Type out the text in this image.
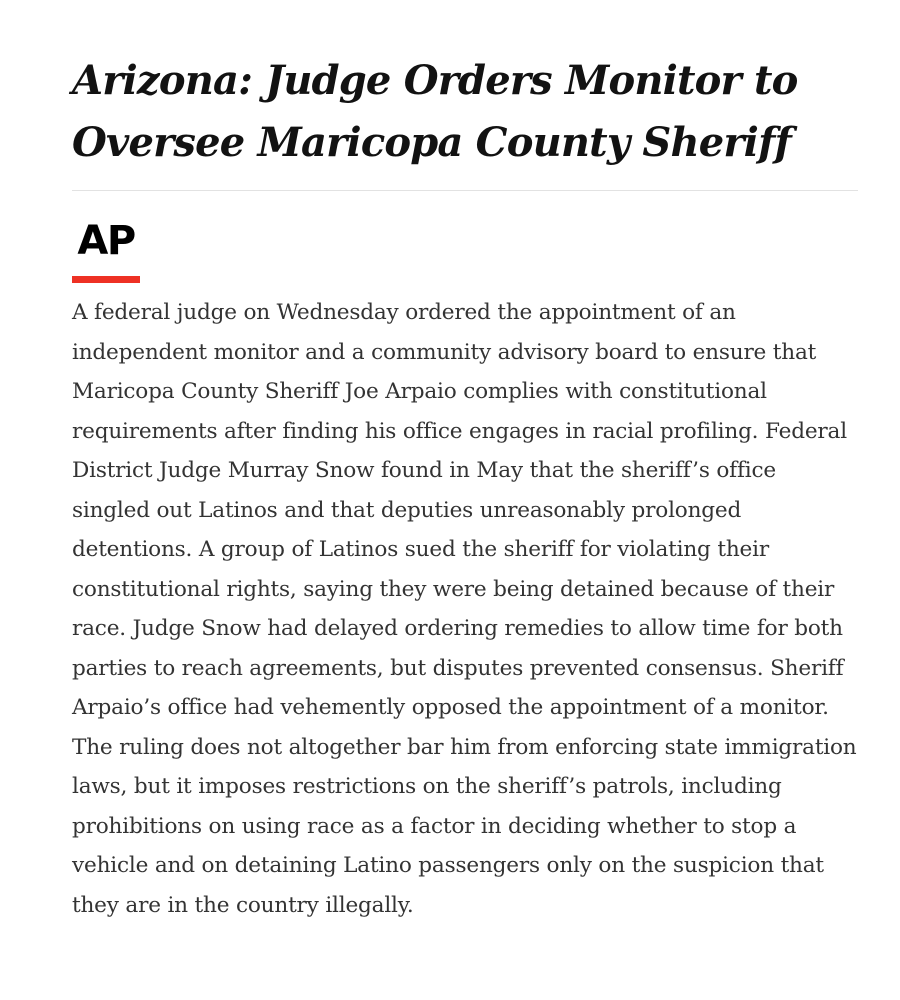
Arizona: Judge Orders Monitor to Oversee Maricopa County Sheriff
AP

A federal judge on Wednesday ordered the appointment of an independent monitor and a community advisory board to ensure that Maricopa County Sheriff Joe Arpaio complies with constitutional requirements after finding his office engages in racial profiling. Federal District Judge Murray Snow found in May that the sheriff’s office singled out Latinos and that deputies unreasonably prolonged detentions. A group of Latinos sued the sheriff for violating their constitutional rights, saying they were being detained because of their race. Judge Snow had delayed ordering remedies to allow time for both parties to reach agreements, but disputes prevented consensus. Sheriff Arpaio’s office had vehemently opposed the appointment of a monitor. The ruling does not altogether bar him from enforcing state immigration laws, but it imposes restrictions on the sheriff’s patrols, including prohibitions on using race as a factor in deciding whether to stop a vehicle and on detaining Latino passengers only on the suspicion that they are in the country illegally.
